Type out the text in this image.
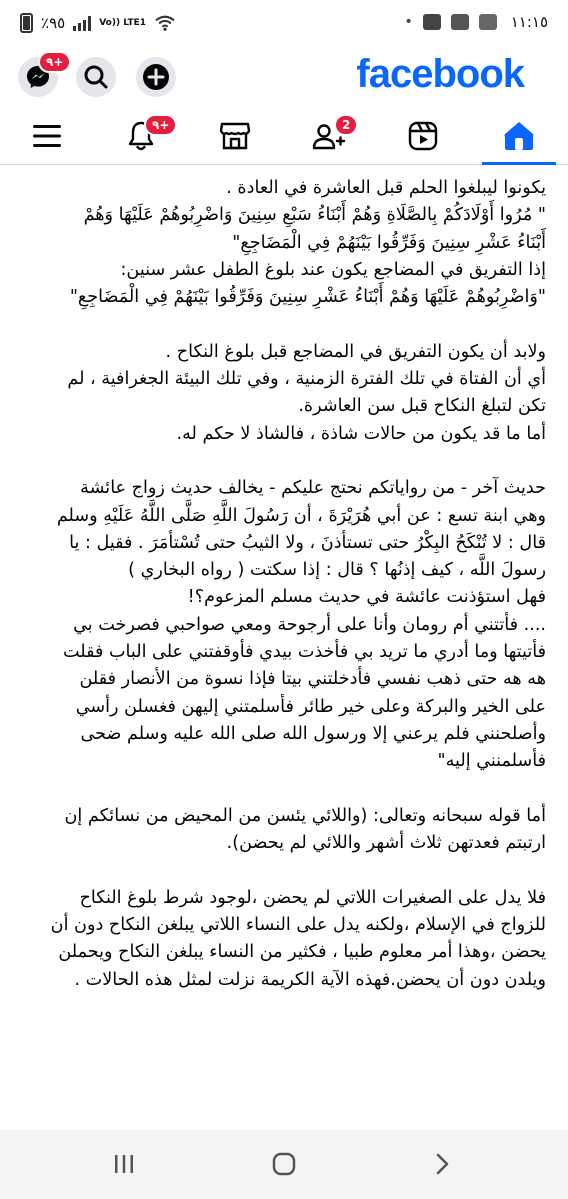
٪٩٥	Vo)) LTE1	•	١١:١٥
٩+	facebook
٩+	2

يكونوا ليبلغوا الحلم قبل العاشرة في العادة .

" مُرُوا أَوْلَادَكُمْ بِالصَّلَاةِ وَهُمْ أَبْنَاءُ سَبْعِ سِنِينَ وَاضْرِبُوهُمْ عَلَيْهَا وَهُمْ

أَبْنَاءُ عَشْرِ سِنِينَ وَفَرِّقُوا بَيْنَهُمْ فِي الْمَضَاجِعِ"

إذا التفريق في المضاجع يكون عند بلوغ الطفل عشر سنين:

"وَاضْرِبُوهُمْ عَلَيْهَا وَهُمْ أَبْنَاءُ عَشْرِ سِنِينَ وَفَرِّقُوا بَيْنَهُمْ فِي الْمَضَاجِعِ"

ولابد أن يكون التفريق في المضاجع قبل بلوغ النكاح .

أي أن الفتاة في تلك الفترة الزمنية ، وفي تلك البيئة الجغرافية ، لم

تكن لتبلغ النكاح قبل سن العاشرة.

أما ما قد يكون من حالات شاذة ، فالشاذ لا حكم له.

حديث آخر - من رواياتكم نحتج عليكم - يخالف حديث زواج عائشة

وهي ابنة تسع : عن أبي هُرَيْرَةَ ، أن رَسُولَ اللَّهِ صَلَّى اللَّهُ عَلَيْهِ وسلم

قال : لا تُنْكَحُ البِكْرُ حتى تستأذنَ ، ولا الثيبُ حتى تُسْتأمَرَ . فقيل : يا

رسولَ اللَّه ، كيف إذنُها ؟ قال : إذا سكتت ( رواه البخاري )

فهل استؤذنت عائشة في حديث مسلم المزعوم؟!

.... فأتتني أم رومان وأنا على أرجوحة ومعي صواحبي فصرخت بي

فأتيتها وما أدري ما تريد بي فأخذت بيدي فأوقفتني على الباب فقلت

هه هه حتى ذهب نفسي فأدخلتني بيتا فإذا نسوة من الأنصار فقلن

على الخير والبركة وعلى خير طائر فأسلمتني إليهن فغسلن رأسي

وأصلحنني فلم يرعني إلا ورسول الله صلى الله عليه وسلم ضحى

فأسلمنني إليه"

أما قوله سبحانه وتعالى: (واللائي يئسن من المحيض من نسائكم إن

ارتبتم فعدتهن ثلاث أشهر واللائي لم يحضن).

فلا يدل على الصغيرات اللاتي لم يحضن ،لوجود شرط بلوغ النكاح

للزواج في الإسلام ،ولكنه يدل على النساء اللاتي يبلغن النكاح دون أن

يحضن ،وهذا أمر معلوم طبيا ، فكثير من النساء يبلغن النكاح ويحملن

ويلدن دون أن يحضن.فهذه الآية الكريمة نزلت لمثل هذه الحالات .
